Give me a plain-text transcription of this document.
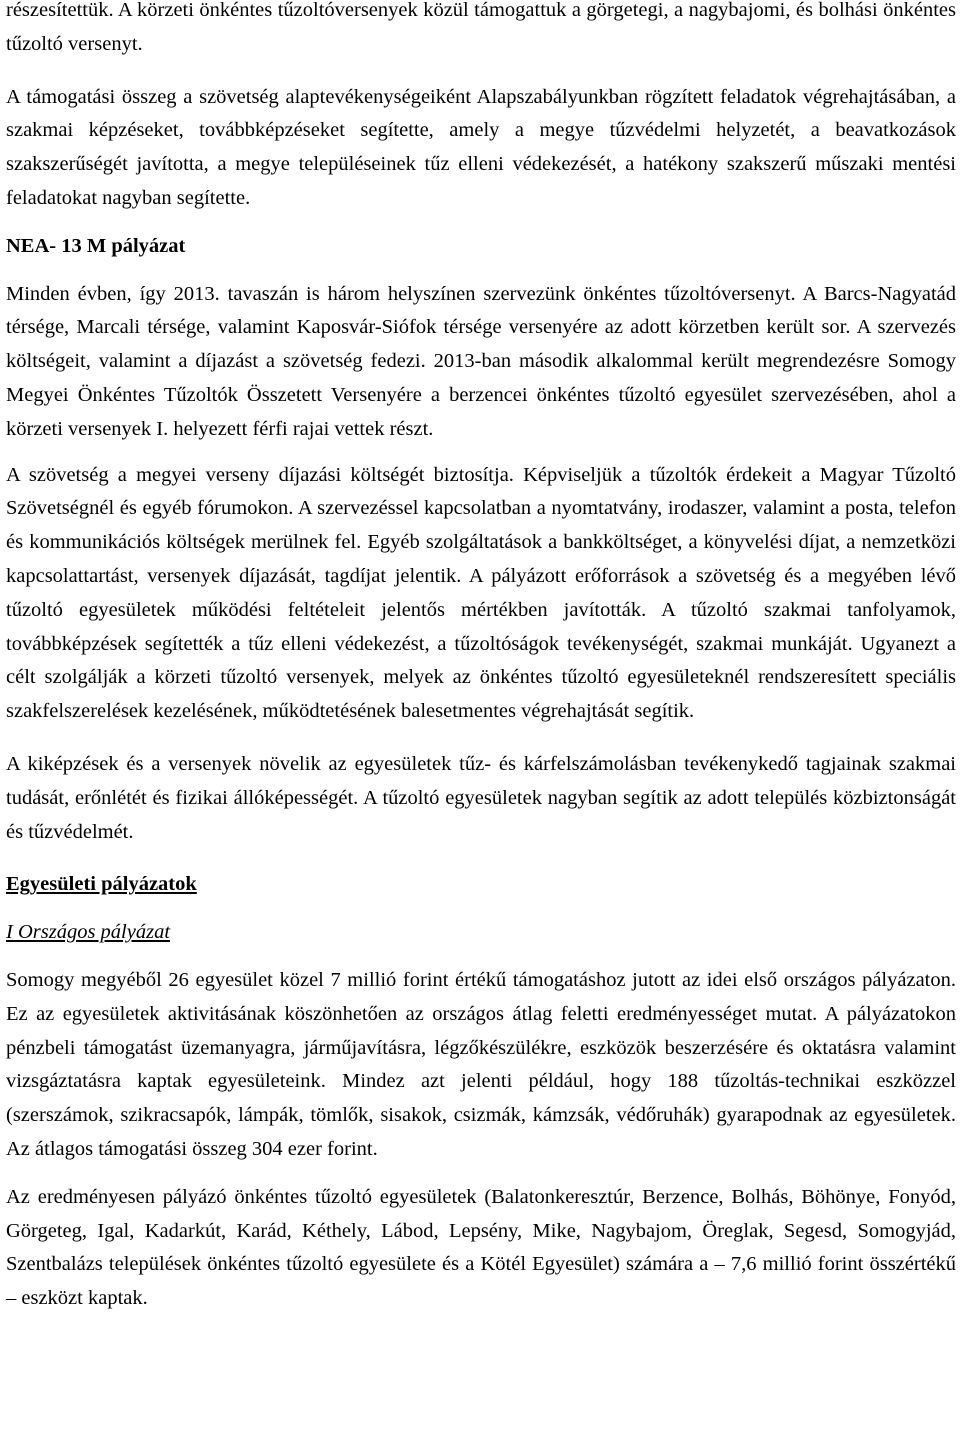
részesítettük. A körzeti önkéntes tűzoltóversenyek közül támogattuk a görgetegi, a nagybajomi, és bolhási önkéntes tűzoltó versenyt.

A támogatási összeg a szövetség alaptevékenységeiként Alapszabályunkban rögzített feladatok végrehajtásában, a szakmai képzéseket, továbbképzéseket segítette, amely a megye tűzvédelmi helyzetét, a beavatkozások szakszerűségét javította, a megye településeinek tűz elleni védekezését, a hatékony szakszerű műszaki mentési feladatokat nagyban segítette.

NEA- 13 M pályázat

Minden évben, így 2013. tavaszán is három helyszínen szervezünk önkéntes tűzoltóversenyt. A Barcs-Nagyatád térsége, Marcali térsége, valamint Kaposvár-Siófok térsége versenyére az adott körzetben került sor. A szervezés költségeit, valamint a díjazást a szövetség fedezi. 2013-ban második alkalommal került megrendezésre Somogy Megyei Önkéntes Tűzoltók Összetett Versenyére a berzencei önkéntes tűzoltó egyesület szervezésében, ahol a körzeti versenyek I. helyezett férfi rajai vettek részt.

A szövetség a megyei verseny díjazási költségét biztosítja. Képviseljük a tűzoltók érdekeit a Magyar Tűzoltó Szövetségnél és egyéb fórumokon. A szervezéssel kapcsolatban a nyomtatvány, irodaszer, valamint a posta, telefon és kommunikációs költségek merülnek fel. Egyéb szolgáltatások a bankköltséget, a könyvelési díjat, a nemzetközi kapcsolattartást, versenyek díjazását, tagdíjat jelentik. A pályázott erőforrások a szövetség és a megyében lévő tűzoltó egyesületek működési feltételeit jelentős mértékben javították. A tűzoltó szakmai tanfolyamok, továbbképzések segítették a tűz elleni védekezést, a tűzoltóságok tevékenységét, szakmai munkáját. Ugyanezt a célt szolgálják a körzeti tűzoltó versenyek, melyek az önkéntes tűzoltó egyesületeknél rendszeresített speciális szakfelszerelések kezelésének, működtetésének balesetmentes végrehajtását segítik.

A kiképzések és a versenyek növelik az egyesületek tűz- és kárfelszámolásban tevékenykedő tagjainak szakmai tudását, erőnlétét és fizikai állóképességét. A tűzoltó egyesületek nagyban segítik az adott település közbiztonságát és tűzvédelmét.

Egyesületi pályázatok

I Országos pályázat

Somogy megyéből 26 egyesület közel 7 millió forint értékű támogatáshoz jutott az idei első országos pályázaton. Ez az egyesületek aktivitásának köszönhetően az országos átlag feletti eredményességet mutat. A pályázatokon pénzbeli támogatást üzemanyagra, járműjavításra, légzőkészülékre, eszközök beszerzésére és oktatásra valamint vizsgáztatásra kaptak egyesületeink. Mindez azt jelenti például, hogy 188 tűzoltás-technikai eszközzel (szerszámok, szikracsapók, lámpák, tömlők, sisakok, csizmák, kámzsák, védőruhák) gyarapodnak az egyesületek. Az átlagos támogatási összeg 304 ezer forint.

Az eredményesen pályázó önkéntes tűzoltó egyesületek (Balatonkeresztúr, Berzence, Bolhás, Böhönye, Fonyód, Görgeteg, Igal, Kadarkút, Karád, Kéthely, Lábod, Lepsény, Mike, Nagybajom, Öreglak, Segesd, Somogyjád, Szentbalázs települések önkéntes tűzoltó egyesülete és a Kötél Egyesület) számára a – 7,6 millió forint összértékű – eszközt kaptak.
